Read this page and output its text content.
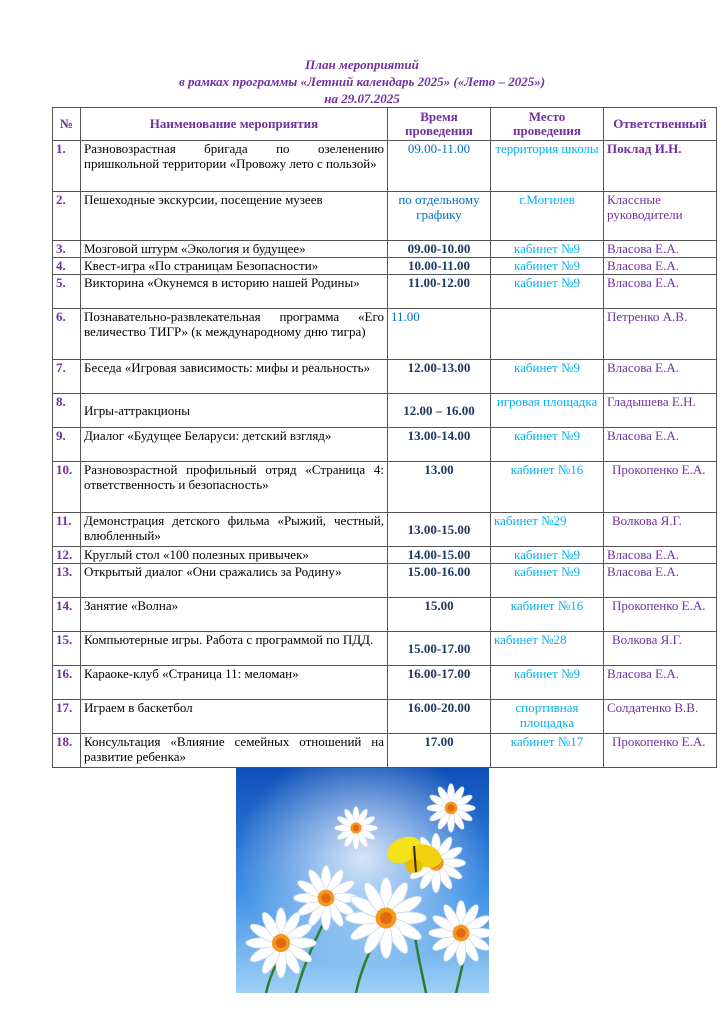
План мероприятий
в рамках программы «Летний календарь 2025» («Лето – 2025»)
на 29.07.2025
№	Наименование мероприятия	Время проведения	Место проведения	Ответственный
1.	Разновозрастная бригада по озеленению пришкольной территории «Провожу лето с пользой»	09.00-11.00	территория школы	Поклад И.Н.
2.	Пешеходные экскурсии, посещение музеев	по отдельному графику	г.Могилев	Классные руководители
3.	Мозговой штурм «Экология и будущее»	09.00-10.00	кабинет №9	Власова Е.А.
4.	Квест-игра «По страницам Безопасности»	10.00-11.00	кабинет №9	Власова Е.А.
5.	Викторина «Окунемся в историю нашей Родины»	11.00-12.00	кабинет №9	Власова Е.А.
6.	Познавательно-развлекательная программа «Его величество ТИГР» (к международному дню тигра)	11.00		Петренко А.В.
7.	Беседа «Игровая зависимость: мифы и реальность»	12.00-13.00	кабинет №9	Власова Е.А.
8.	Игры-аттракционы	12.00 – 16.00	игровая площадка	Гладышева Е.Н.
9.	Диалог «Будущее Беларуси: детский взгляд»	13.00-14.00	кабинет №9	Власова Е.А.
10.	Разновозрастной профильный отряд «Страница 4: ответственность и безопасность»	13.00	кабинет №16	Прокопенко Е.А.
11.	Демонстрация детского фильма «Рыжий, честный, влюбленный»	13.00-15.00	кабинет №29	Волкова Я.Г.
12.	Круглый стол «100 полезных привычек»	14.00-15.00	кабинет №9	Власова Е.А.
13.	Открытый диалог «Они сражались за Родину»	15.00-16.00	кабинет №9	Власова Е.А.
14.	Занятие «Волна»	15.00	кабинет №16	Прокопенко Е.А.
15.	Компьютерные игры. Работа с программой по ПДД.	15.00-17.00	кабинет №28	Волкова Я.Г.
16.	Караоке-клуб «Страница 11: меломан»	16.00-17.00	кабинет №9	Власова Е.А.
17.	Играем в баскетбол	16.00-20.00	спортивная площадка	Солдатенко В.В.
18.	Консультация «Влияние семейных отношений на развитие ребенка»	17.00	кабинет №17	Прокопенко Е.А.
